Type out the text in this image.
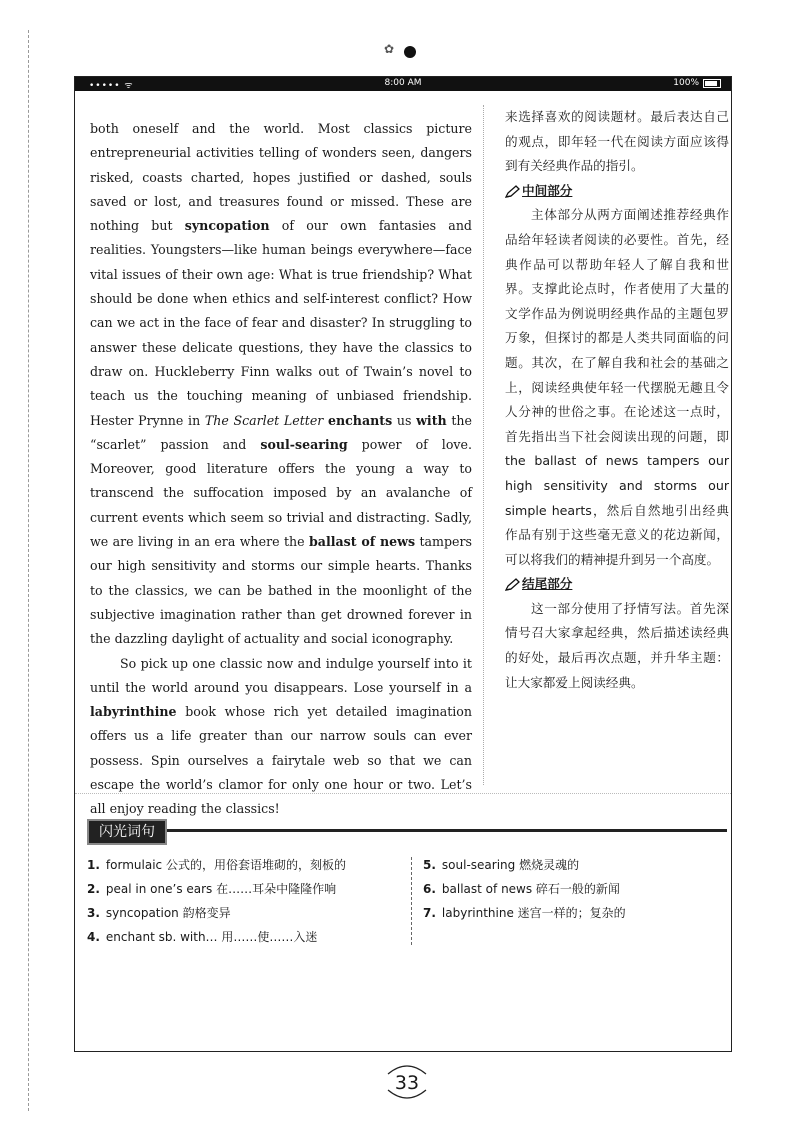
✿
••••• ᯤ	8:00 AM	100%

both oneself and the world. Most classics picture entrepreneurial activities telling of wonders seen, dangers risked, coasts charted, hopes justified or dashed, souls saved or lost, and treasures found or missed. These are nothing but syncopation of our own fantasies and realities. Youngsters—like human beings everywhere—face vital issues of their own age: What is true friendship? What should be done when ethics and self-interest conflict? How can we act in the face of fear and disaster? In struggling to answer these delicate questions, they have the classics to draw on. Huckleberry Finn walks out of Twain’s novel to teach us the touching meaning of unbiased friendship. Hester Prynne in The Scarlet Letter enchants us with the “scarlet” passion and soul-searing power of love. Moreover, good literature offers the young a way to transcend the suffocation imposed by an avalanche of current events which seem so trivial and distracting. Sadly, we are living in an era where the ballast of news tampers our high sensitivity and storms our simple hearts. Thanks to the classics, we can be bathed in the moonlight of the subjective imagination rather than get drowned forever in the dazzling daylight of actuality and social iconography.

So pick up one classic now and indulge yourself into it until the world around you disappears. Lose yourself in a labyrinthine book whose rich yet detailed imagination offers us a life greater than our narrow souls can ever possess. Spin ourselves a fairytale web so that we can escape the world’s clamor for only one hour or two. Let’s all enjoy reading the classics!

来选择喜欢的阅读题材。最后表达自己的观点，即年轻一代在阅读方面应该得到有关经典作品的指引。

中间部分

主体部分从两方面阐述推荐经典作品给年轻读者阅读的必要性。首先，经典作品可以帮助年轻人了解自我和世界。支撑此论点时，作者使用了大量的文学作品为例说明经典作品的主题包罗万象，但探讨的都是人类共同面临的问题。其次，在了解自我和社会的基础之上，阅读经典使年轻一代摆脱无趣且令人分神的世俗之事。在论述这一点时，首先指出当下社会阅读出现的问题，即 the ballast of news tampers our high sensitivity and storms our simple hearts，然后自然地引出经典作品有别于这些毫无意义的花边新闻，可以将我们的精神提升到另一个高度。

结尾部分

这一部分使用了抒情写法。首先深情号召大家拿起经典，然后描述读经典的好处，最后再次点题，并升华主题：让大家都爱上阅读经典。

闪光词句
1. formulaic 公式的，用俗套语堆砌的，刻板的
2. peal in one’s ears 在……耳朵中隆隆作响
3. syncopation 韵格变异
4. enchant sb. with… 用……使……入迷
5. soul-searing 燃烧灵魂的
6. ballast of news 碎石一般的新闻
7. labyrinthine 迷宫一样的；复杂的
33
